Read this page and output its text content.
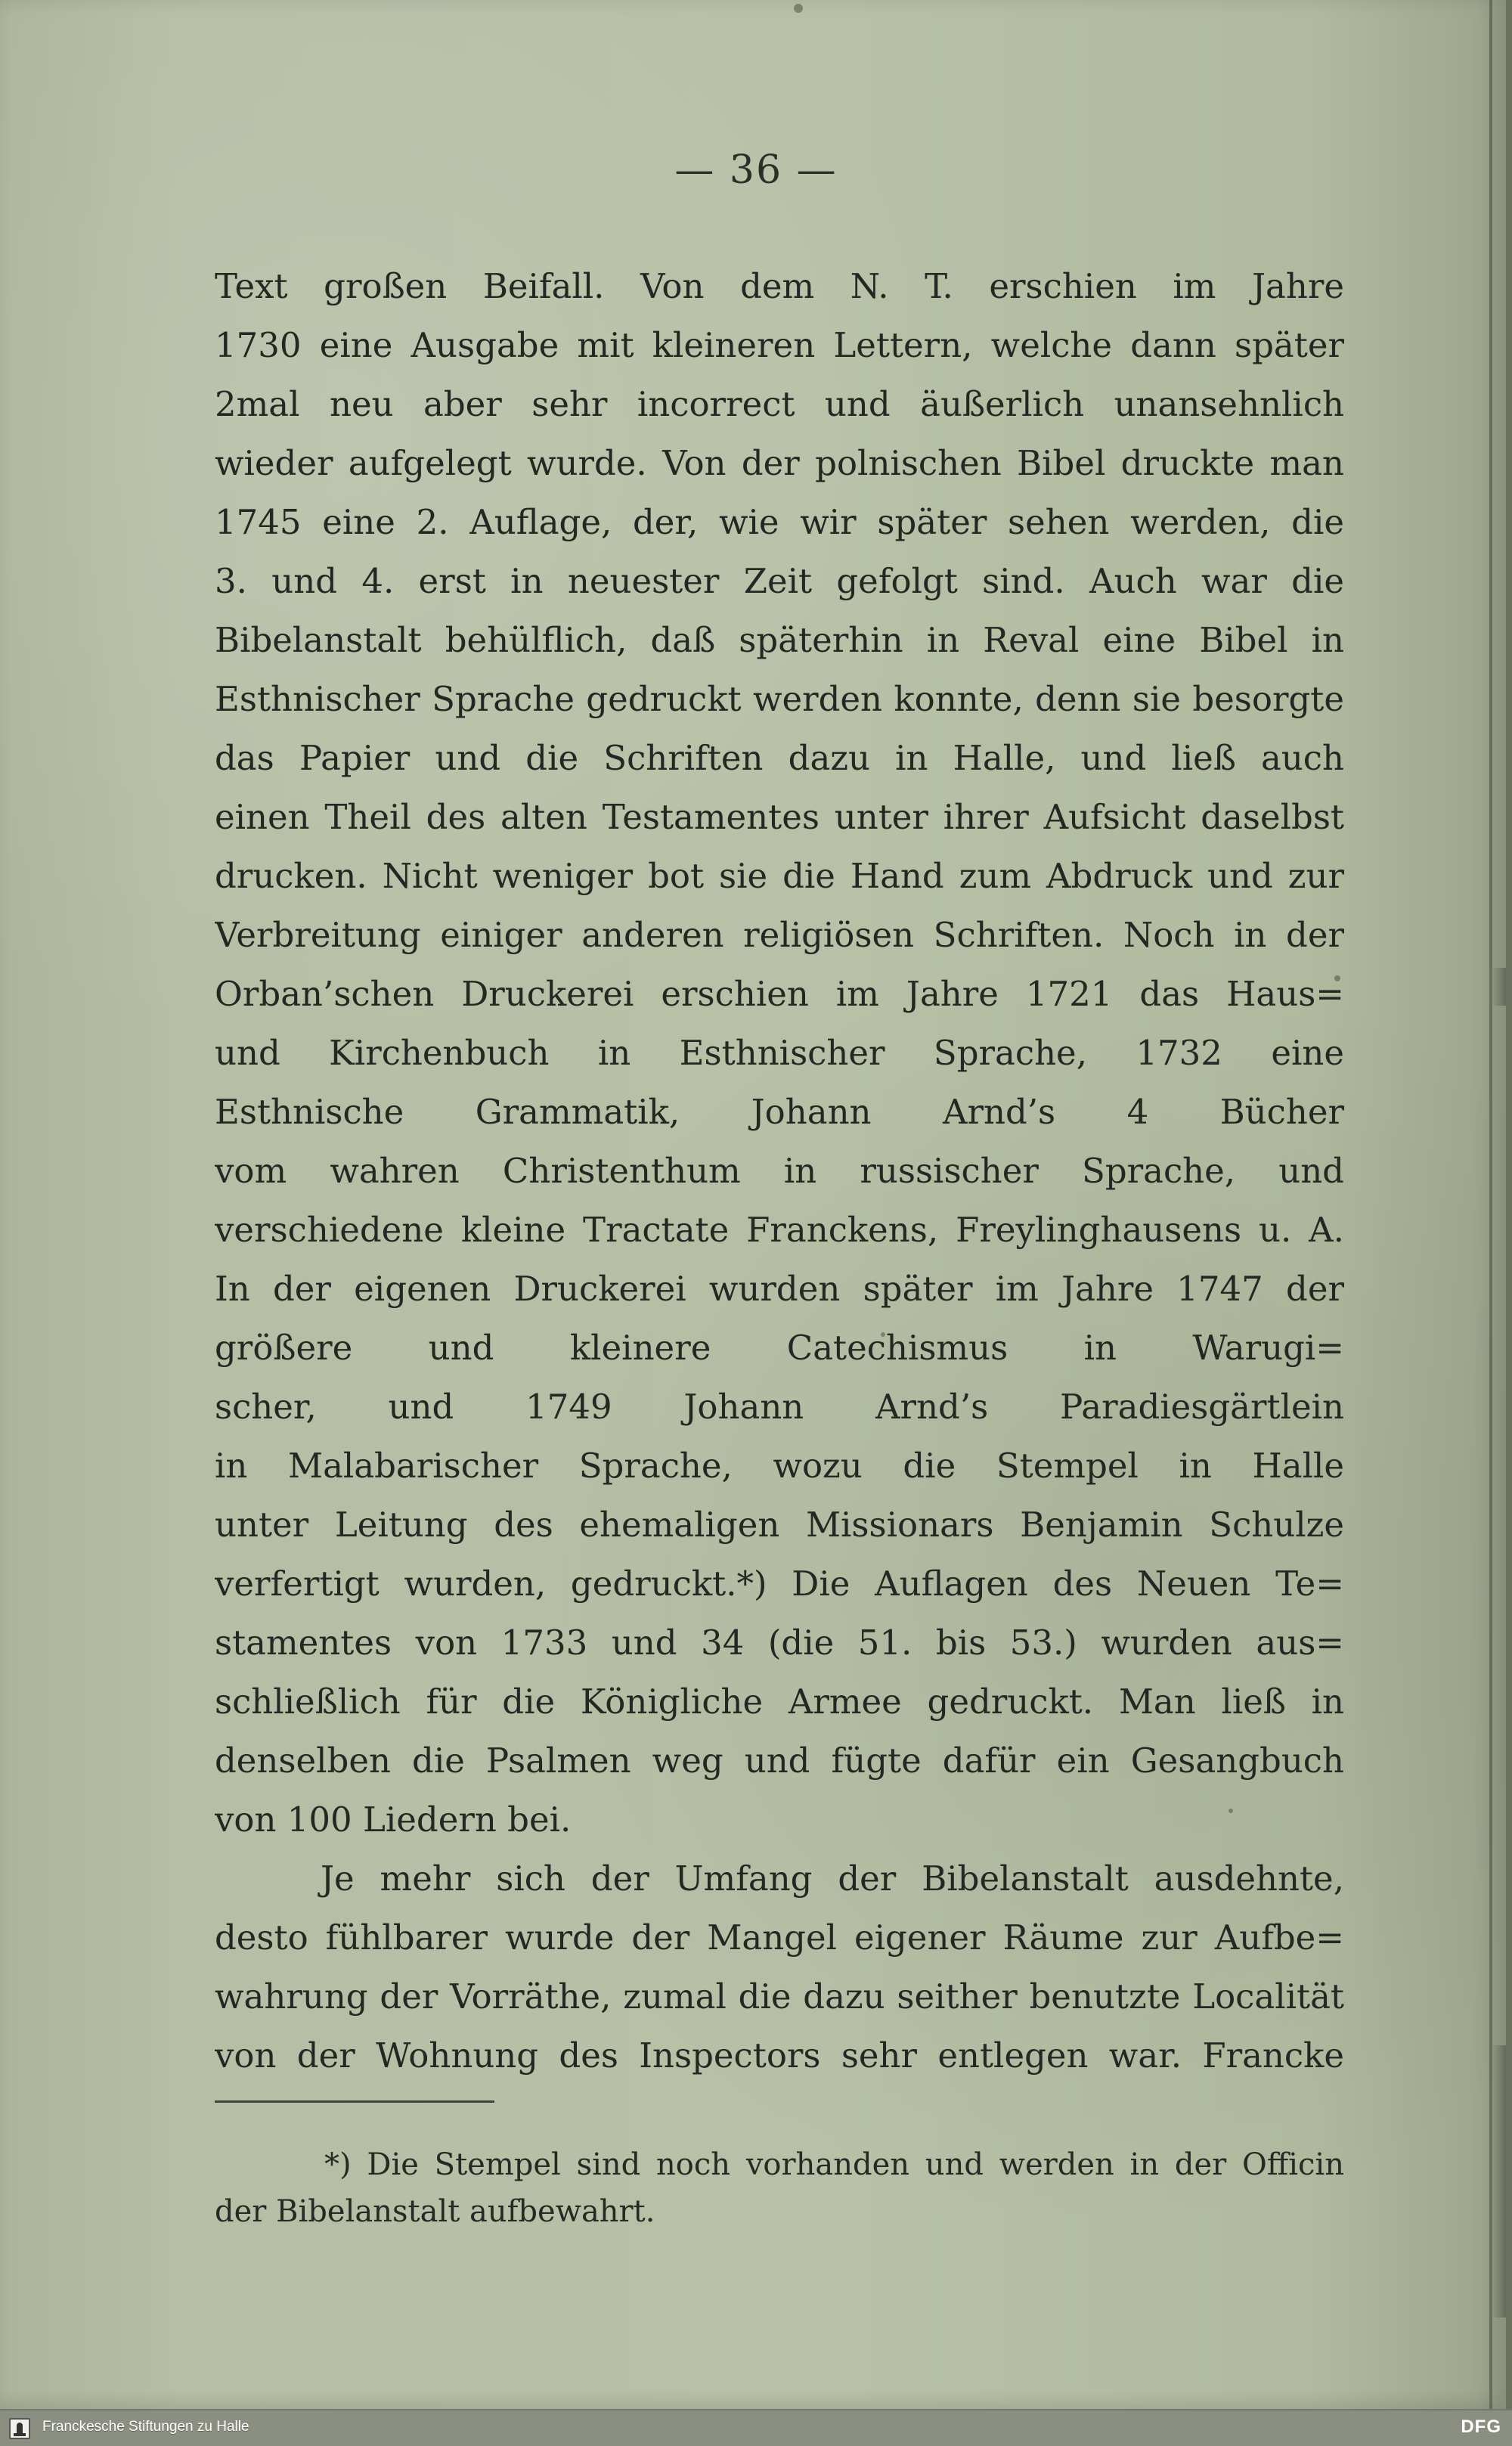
— 36 —
Text großen Beifall. Von dem N. T. erschien im Jahre
1730 eine Ausgabe mit kleineren Lettern, welche dann später
2mal neu aber sehr incorrect und äußerlich unansehnlich
wieder aufgelegt wurde. Von der polnischen Bibel druckte man
1745 eine 2. Auflage, der, wie wir später sehen werden, die
3. und 4. erst in neuester Zeit gefolgt sind. Auch war die
Bibelanstalt behülflich, daß späterhin in Reval eine Bibel in
Esthnischer Sprache gedruckt werden konnte, denn sie besorgte
das Papier und die Schriften dazu in Halle, und ließ auch
einen Theil des alten Testamentes unter ihrer Aufsicht daselbst
drucken. Nicht weniger bot sie die Hand zum Abdruck und zur
Verbreitung einiger anderen religiösen Schriften. Noch in der
Orban’schen Druckerei erschien im Jahre 1721 das Haus=
und Kirchenbuch in Esthnischer Sprache, 1732 eine
Esthnische Grammatik, Johann Arnd’s 4 Bücher
vom wahren Christenthum in russischer Sprache, und
verschiedene kleine Tractate Franckens, Freylinghausens u. A.
In der eigenen Druckerei wurden später im Jahre 1747 der
größere und kleinere Catechismus in Warugi=
scher, und 1749 Johann Arnd’s Paradiesgärtlein
in Malabarischer Sprache, wozu die Stempel in Halle
unter Leitung des ehemaligen Missionars Benjamin Schulze
verfertigt wurden, gedruckt.*) Die Auflagen des Neuen Te=
stamentes von 1733 und 34 (die 51. bis 53.) wurden aus=
schließlich für die Königliche Armee gedruckt. Man ließ in
denselben die Psalmen weg und fügte dafür ein Gesangbuch
von 100 Liedern bei.
Je mehr sich der Umfang der Bibelanstalt ausdehnte,
desto fühlbarer wurde der Mangel eigener Räume zur Aufbe=
wahrung der Vorräthe, zumal die dazu seither benutzte Localität
von der Wohnung des Inspectors sehr entlegen war. Francke
*) Die Stempel sind noch vorhanden und werden in der Officin
der Bibelanstalt aufbewahrt.
Franckesche Stiftungen zu Halle	DFG
